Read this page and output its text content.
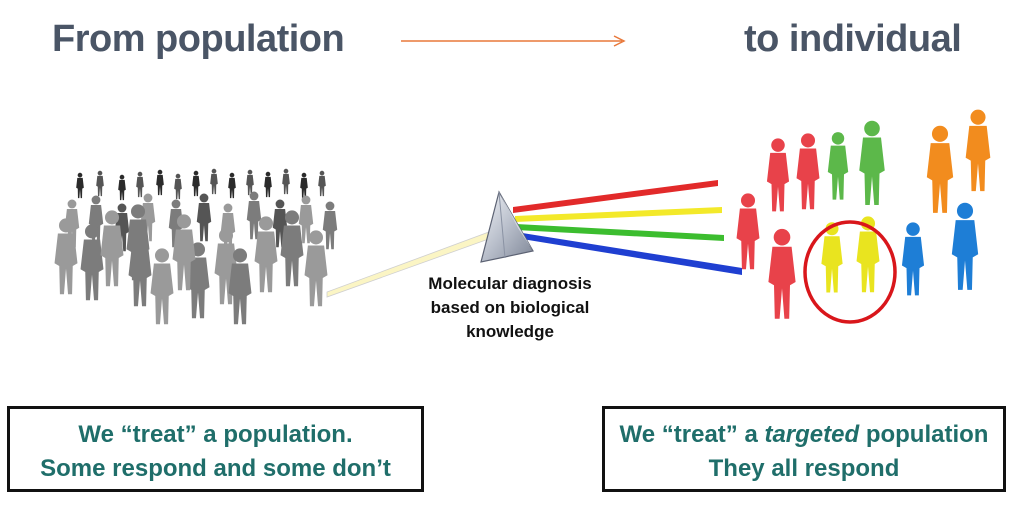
From population	to individual
Molecular diagnosis
based on biological
knowledge
We “treat” a population.
Some respond and some don’t
We “treat” a targeted population
They all respond
